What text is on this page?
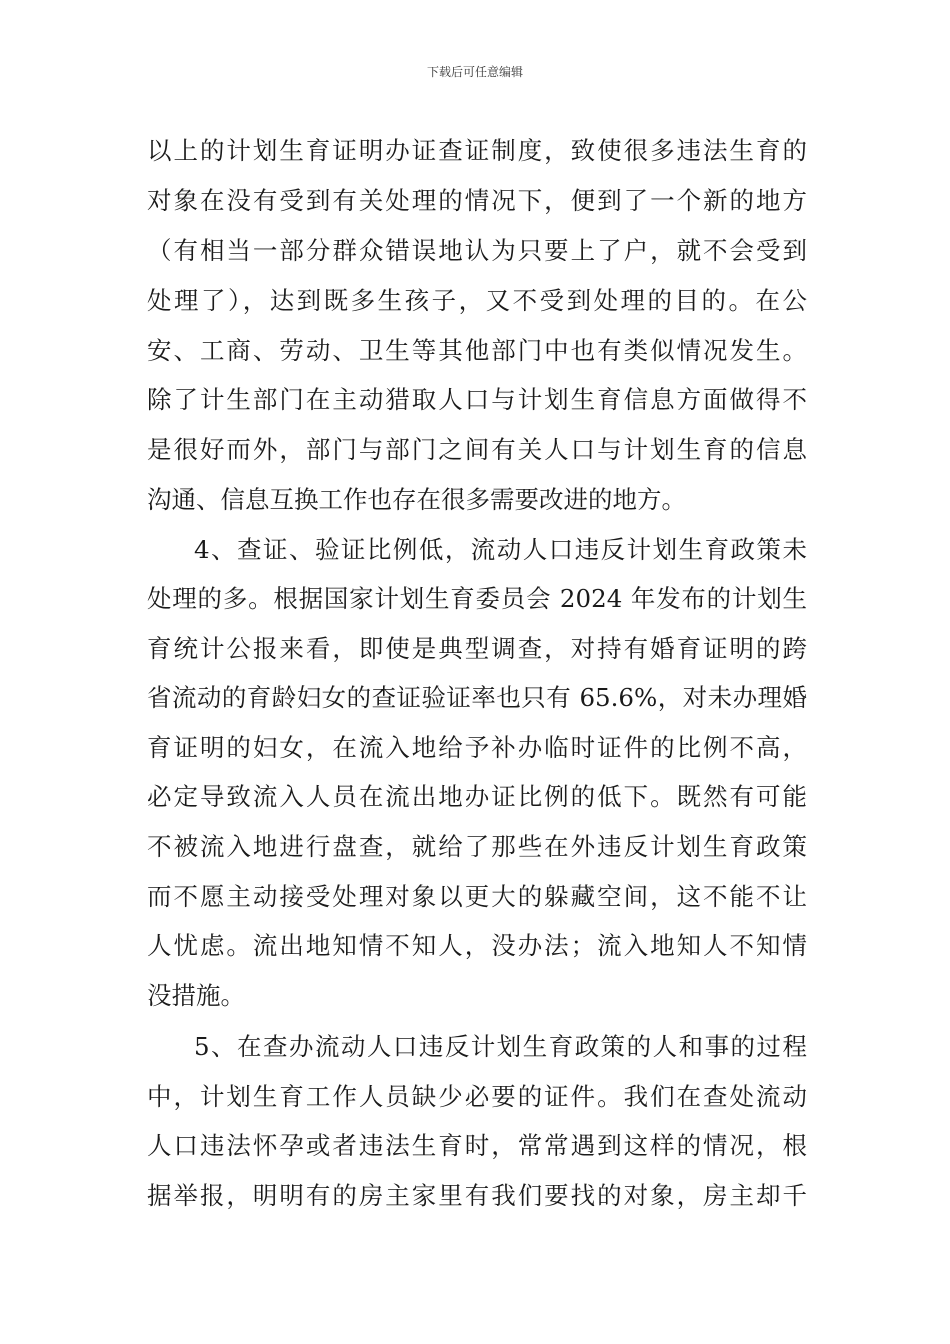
下载后可任意编辑
以上的计划生育证明办证查证制度，致使很多违法生育的
对象在没有受到有关处理的情况下，便到了一个新的地方
（有相当一部分群众错误地认为只要上了户，就不会受到
处理了），达到既多生孩子，又不受到处理的目的。在公
安、工商、劳动、卫生等其他部门中也有类似情况发生。
除了计生部门在主动猎取人口与计划生育信息方面做得不
是很好而外，部门与部门之间有关人口与计划生育的信息
沟通、信息互换工作也存在很多需要改进的地方。
4、查证、验证比例低，流动人口违反计划生育政策未
处理的多。根据国家计划生育委员会 2024 年发布的计划生
育统计公报来看，即使是典型调查，对持有婚育证明的跨
省流动的育龄妇女的查证验证率也只有 65.6%，对未办理婚
育证明的妇女，在流入地给予补办临时证件的比例不高，
必定导致流入人员在流出地办证比例的低下。既然有可能
不被流入地进行盘查，就给了那些在外违反计划生育政策
而不愿主动接受处理对象以更大的躲藏空间，这不能不让
人忧虑。流出地知情不知人，没办法；流入地知人不知情
没措施。
5、在查办流动人口违反计划生育政策的人和事的过程
中，计划生育工作人员缺少必要的证件。我们在查处流动
人口违法怀孕或者违法生育时，常常遇到这样的情况，根
据举报，明明有的房主家里有我们要找的对象，房主却千
